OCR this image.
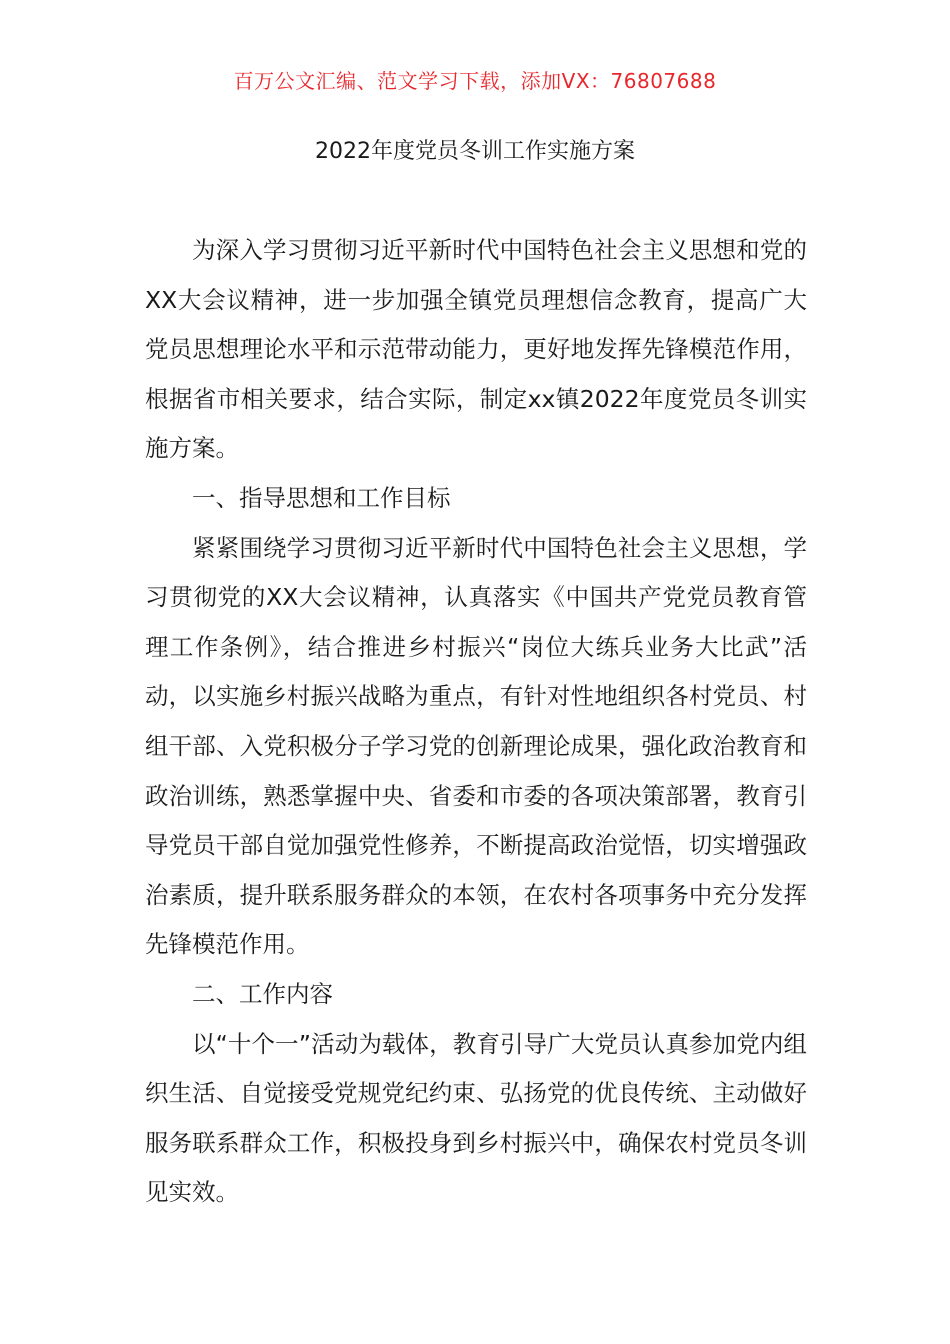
百万公文汇编、范文学习下载，添加VX：76807688
2022年度党员冬训工作实施方案

为深入学习贯彻习近平新时代中国特色社会主义思想和党的XX大会议精神，进一步加强全镇党员理想信念教育，提高广大党员思想理论水平和示范带动能力，更好地发挥先锋模范作用，根据省市相关要求，结合实际，制定xx镇2022年度党员冬训实施方案。

一、指导思想和工作目标

紧紧围绕学习贯彻习近平新时代中国特色社会主义思想，学习贯彻党的XX大会议精神，认真落实《中国共产党党员教育管理工作条例》，结合推进乡村振兴“岗位大练兵业务大比武”活动，以实施乡村振兴战略为重点，有针对性地组织各村党员、村组干部、入党积极分子学习党的创新理论成果，强化政治教育和政治训练，熟悉掌握中央、省委和市委的各项决策部署，教育引导党员干部自觉加强党性修养，不断提高政治觉悟，切实增强政治素质，提升联系服务群众的本领，在农村各项事务中充分发挥先锋模范作用。

二、工作内容

以“十个一”活动为载体，教育引导广大党员认真参加党内组织生活、自觉接受党规党纪约束、弘扬党的优良传统、主动做好服务联系群众工作，积极投身到乡村振兴中，确保农村党员冬训见实效。
